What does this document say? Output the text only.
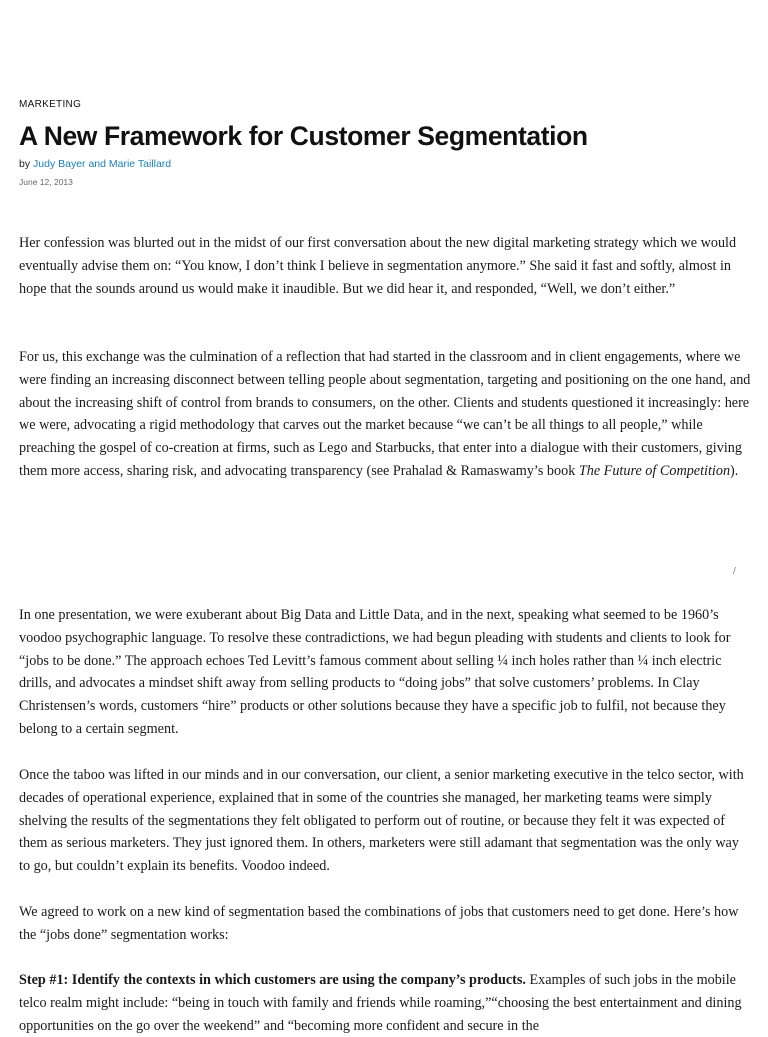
MARKETING
A New Framework for Customer Segmentation
by Judy Bayer and Marie Taillard
June 12, 2013

Her confession was blurted out in the midst of our first conversation about the new digital marketing strategy which we would eventually advise them on: “You know, I don’t think I believe in segmentation anymore.” She said it fast and softly, almost in hope that the sounds around us would make it inaudible. But we did hear it, and responded, “Well, we don’t either.”

For us, this exchange was the culmination of a reflection that had started in the classroom and in client engagements, where we were finding an increasing disconnect between telling people about segmentation, targeting and positioning on the one hand, and about the increasing shift of control from brands to consumers, on the other. Clients and students questioned it increasingly: here we were, advocating a rigid methodology that carves out the market because “we can’t be all things to all people,” while preaching the gospel of co-creation at firms, such as Lego and Starbucks, that enter into a dialogue with their customers, giving them more access, sharing risk, and advocating transparency (see Prahalad & Ramaswamy’s book The Future of Competition).

/

In one presentation, we were exuberant about Big Data and Little Data, and in the next, speaking what seemed to be 1960’s voodoo psychographic language. To resolve these contradictions, we had begun pleading with students and clients to look for “jobs to be done.” The approach echoes Ted Levitt’s famous comment about selling ¼ inch holes rather than ¼ inch electric drills, and advocates a mindset shift away from selling products to “doing jobs” that solve customers’ problems. In Clay Christensen’s words, customers “hire” products or other solutions because they have a specific job to fulfil, not because they belong to a certain segment.

Once the taboo was lifted in our minds and in our conversation, our client, a senior marketing executive in the telco sector, with decades of operational experience, explained that in some of the countries she managed, her marketing teams were simply shelving the results of the segmentations they felt obligated to perform out of routine, or because they felt it was expected of them as serious marketers. They just ignored them. In others, marketers were still adamant that segmentation was the only way to go, but couldn’t explain its benefits. Voodoo indeed.

We agreed to work on a new kind of segmentation based the combinations of jobs that customers need to get done. Here’s how the “jobs done” segmentation works:

Step #1: Identify the contexts in which customers are using the company’s products. Examples of such jobs in the mobile telco realm might include: “being in touch with family and friends while roaming,”“choosing the best entertainment and dining opportunities on the go over the weekend” and “becoming more confident and secure in the
